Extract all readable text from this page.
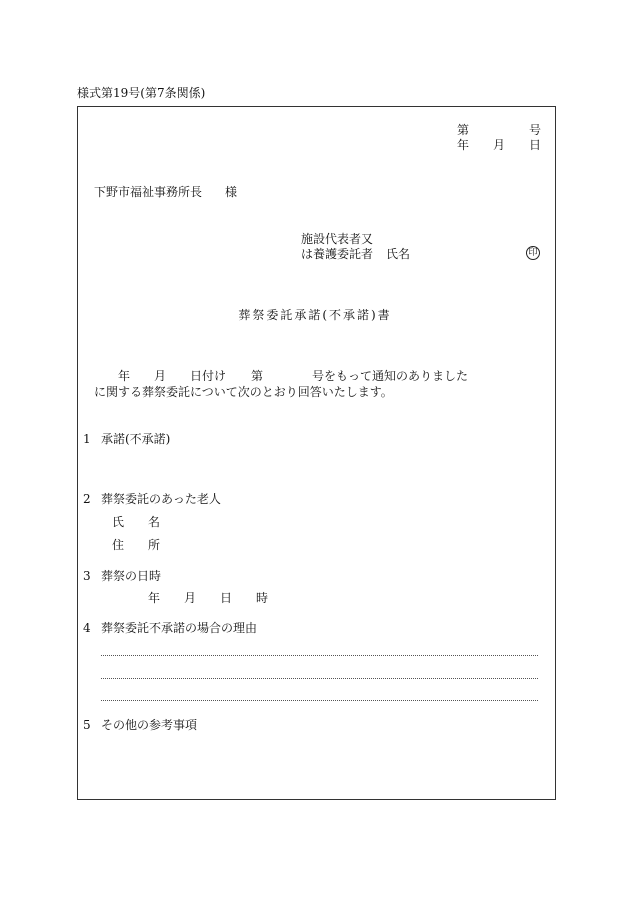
様式第19号(第7条関係)
第	号
年 月 日
下野市福祉事務所長 様
施設代表者又
は養護委託者 氏名	印
葬祭委託承諾(不承諾)書
年 月 日付け 第	号をもって通知のありました
に関する葬祭委託について次のとおり回答いたします。
1 承諾(不承諾)
2 葬祭委託のあった老人
氏　　名
住　　所
3 葬祭の日時
年 月 日 時
4 葬祭委託不承諾の場合の理由
5 その他の参考事項
